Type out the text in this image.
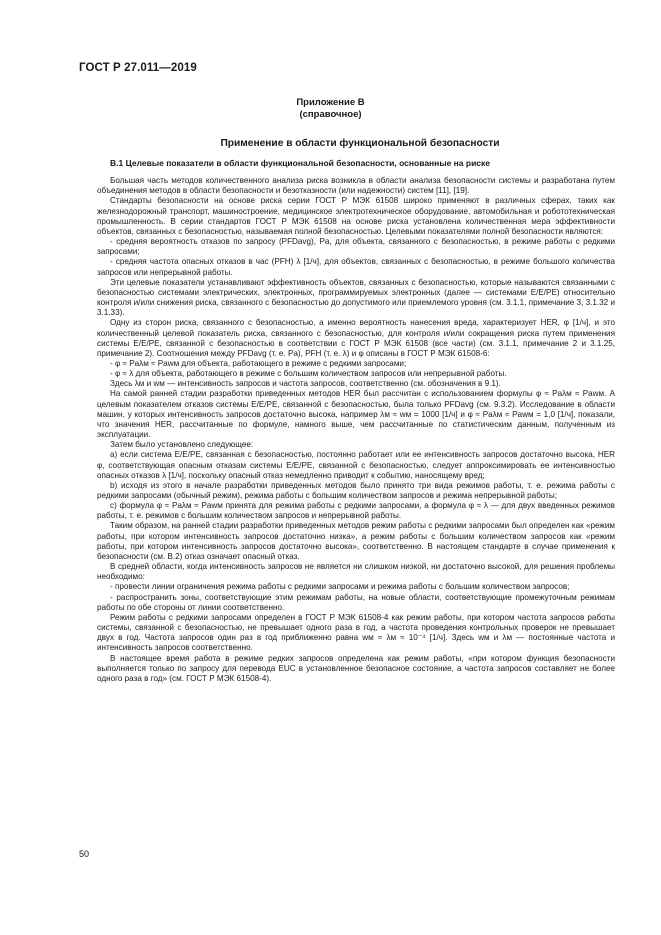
ГОСТ Р 27.011—2019
Приложение В
(справочное)
Применение в области функциональной безопасности

В.1 Целевые показатели в области функциональной безопасности, основанные на риске

Большая часть методов количественного анализа риска возникла в области анализа безопасности системы и разработана путем объединения методов в области безопасности и безотказности (или надежности) систем [11], [19].

Стандарты безопасности на основе риска серии ГОСТ Р МЭК 61508 широко применяют в различных сферах, таких как железнодорожный транспорт, машиностроение, медицинское электротехническое оборудование, автомобильная и робототехническая промышленность. В серии стандартов ГОСТ Р МЭК 61508 на основе риска установлена количественная мера эффективности объектов, связанных с безопасностью, называемая полной безопасностью. Целевыми показателями полной безопасности являются:

- средняя вероятность отказов по запросу (PFDavg), Pa, для объекта, связанного с безопасностью, в режиме работы с редкими запросами;

- средняя частота опасных отказов в час (PFH) λ [1/ч], для объектов, связанных с безопасностью, в режиме большого количества запросов или непрерывной работы.

Эти целевые показатели устанавливают эффективность объектов, связанных с безопасностью, которые называются связанными с безопасностью системами электрических, электронных, программируемых электронных (далее — системами Е/Е/РЕ) относительно контроля и/или снижения риска, связанного с безопасностью до допустимого или приемлемого уровня (см. 3.1.1, примечание 3, 3.1.32 и 3.1.33).

Одну из сторон риска, связанного с безопасностью, а именно вероятность нанесения вреда, характеризует HER, φ [1/ч], и это количественный целевой показатель риска, связанного с безопасностью, для контроля и/или сокращения риска путем применения системы Е/Е/РЕ, связанной с безопасностью в соответствии с ГОСТ Р МЭК 61508 (все части) (см. 3.1.1, примечание 2 и 3.1.25, примечание 2). Соотношения между PFDavg (т. е. Pa), PFH (т. е. λ) и φ описаны в ГОСТ Р МЭК 61508-6:

- φ ≈ Paλм ≈ Pawм для объекта, работающего в режиме с редкими запросами;

- φ ≈ λ для объекта, работающего в режиме с большим количеством запросов или непрерывной работы.

Здесь λм и wм — интенсивность запросов и частота запросов, соответственно (см. обозначения в 9.1).

На самой ранней стадии разработки приведенных методов HER был рассчитан с использованием формулы φ ≈ Paλм ≈ Pawм. А целевым показателем отказов системы Е/Е/РЕ, связанной с безопасностью, была только PFDavg (см. 9.3.2). Исследование в области машин, у которых интенсивность запросов достаточно высока, например λм ≈ wм = 1000 [1/ч] и φ ≈ Paλм ≈ Pawм = 1,0 [1/ч], показали, что значения HER, рассчитанные по формуле, намного выше, чем рассчитанные по статистическим данным, полученным из эксплуатации.

Затем было установлено следующее:

a) если система Е/Е/РЕ, связанная с безопасностью, постоянно работает или ее интенсивность запросов достаточно высока, HER φ, соответствующая опасным отказам системы Е/Е/РЕ, связанной с безопасностью, следует аппроксимировать ее интенсивностью опасных отказов λ [1/ч], поскольку опасный отказ немедленно приводит к событию, наносящему вред;

b) исходя из этого в начале разработки приведенных методов было принято три вида режимов работы, т. е. режима работы с редкими запросами (обычный режим), режима работы с большим количеством запросов и режима непрерывной работы;

c) формула φ ≈ Paλм ≈ Pawм принята для режима работы с редкими запросами, а формула φ ≈ λ — для двух введенных режимов работы, т. е. режимов с большим количеством запросов и непрерывной работы.

Таким образом, на ранней стадии разработки приведенных методов режим работы с редкими запросами был определен как «режим работы, при котором интенсивность запросов достаточно низка», а режим работы с большим количеством запросов как «режим работы, при котором интенсивность запросов достаточно высока», соответственно. В настоящем стандарте в случае применения к безопасности (см. В.2) отказ означает опасный отказ.

В средней области, когда интенсивность запросов не является ни слишком низкой, ни достаточно высокой, для решения проблемы необходимо:

- провести линии ограничения режима работы с редкими запросами и режима работы с большим количеством запросов;

- распространить зоны, соответствующие этим режимам работы, на новые области, соответствующие промежуточным режимам работы по обе стороны от линии соответственно.

Режим работы с редкими запросами определен в ГОСТ Р МЭК 61508-4 как режим работы, при котором частота запросов работы системы, связанной с безопасностью, не превышает одного раза в год, а частота проведения контрольных проверок не превышает двух в год. Частота запросов один раз в год приближенно равна wм ≈ λм ≈ 10⁻⁴ [1/ч]. Здесь wм и λм — постоянные частота и интенсивность запросов соответственно.

В настоящее время работа в режиме редких запросов определена как режим работы, «при котором функция безопасности выполняется только по запросу для перевода EUC в установленное безопасное состояние, а частота запросов составляет не более одного раза в год» (см. ГОСТ Р МЭК 61508-4).

50
